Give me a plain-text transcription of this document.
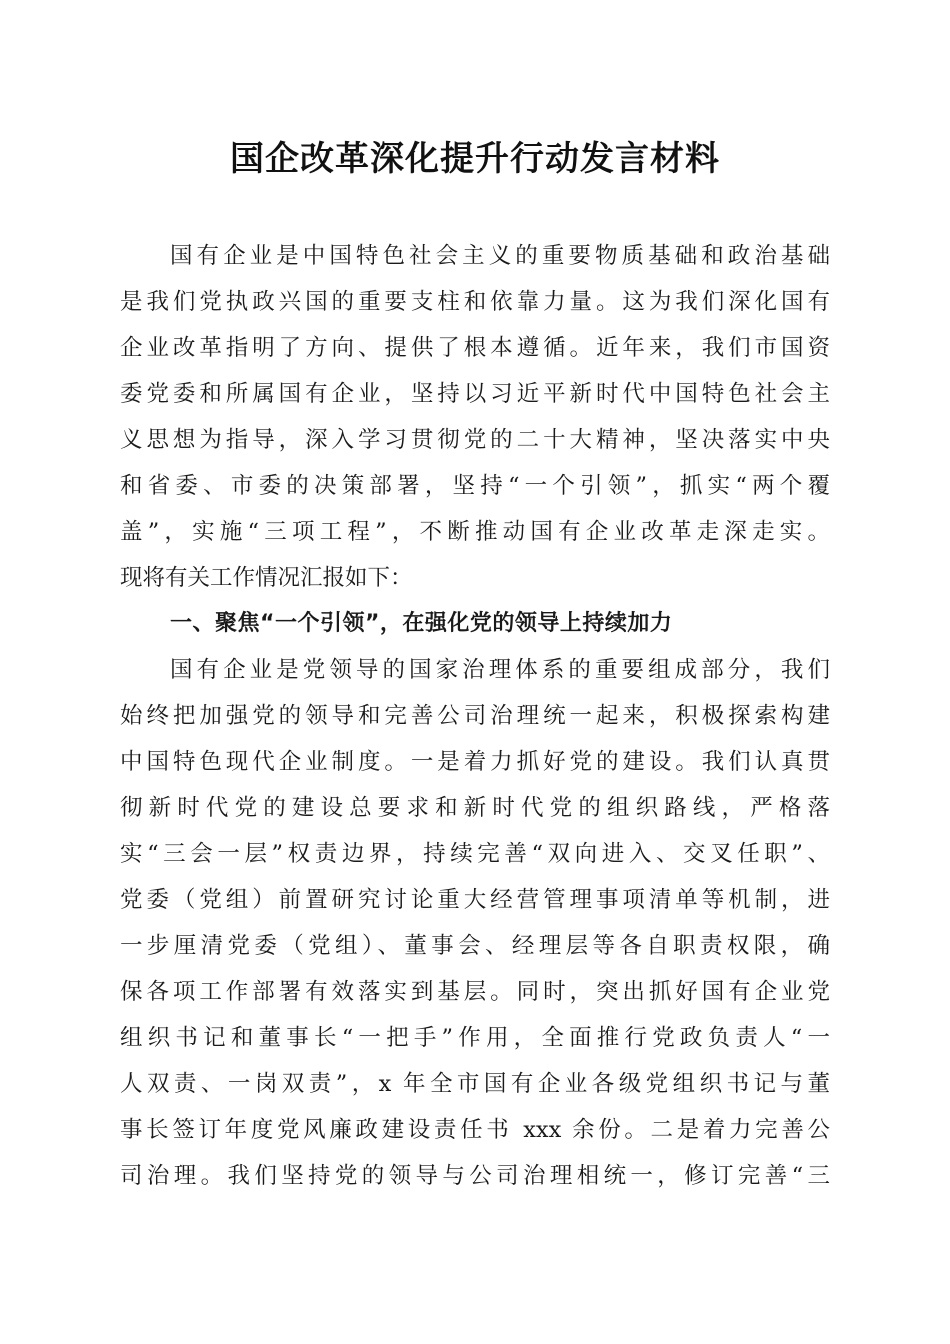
国企改革深化提升行动发言材料
国有企业是中国特色社会主义的重要物质基础和政治基础
是我们党执政兴国的重要支柱和依靠力量。这为我们深化国有
企业改革指明了方向、提供了根本遵循。近年来，我们市国资
委党委和所属国有企业，坚持以习近平新时代中国特色社会主
义思想为指导，深入学习贯彻党的二十大精神，坚决落实中央
和省委、市委的决策部署，坚持“一个引领”，抓实“两个覆
盖”，实施“三项工程”，不断推动国有企业改革走深走实。
现将有关工作情况汇报如下：
一、聚焦“一个引领”，在强化党的领导上持续加力
国有企业是党领导的国家治理体系的重要组成部分，我们
始终把加强党的领导和完善公司治理统一起来，积极探索构建
中国特色现代企业制度。一是着力抓好党的建设。我们认真贯
彻新时代党的建设总要求和新时代党的组织路线，严格落
实“三会一层”权责边界，持续完善“双向进入、交叉任职”、
党委（党组）前置研究讨论重大经营管理事项清单等机制，进
一步厘清党委（党组）、董事会、经理层等各自职责权限，确
保各项工作部署有效落实到基层。同时，突出抓好国有企业党
组织书记和董事长“一把手”作用，全面推行党政负责人“一
人双责、一岗双责”，x 年全市国有企业各级党组织书记与董
事长签订年度党风廉政建设责任书 xxx 余份。二是着力完善公
司治理。我们坚持党的领导与公司治理相统一，修订完善“三
